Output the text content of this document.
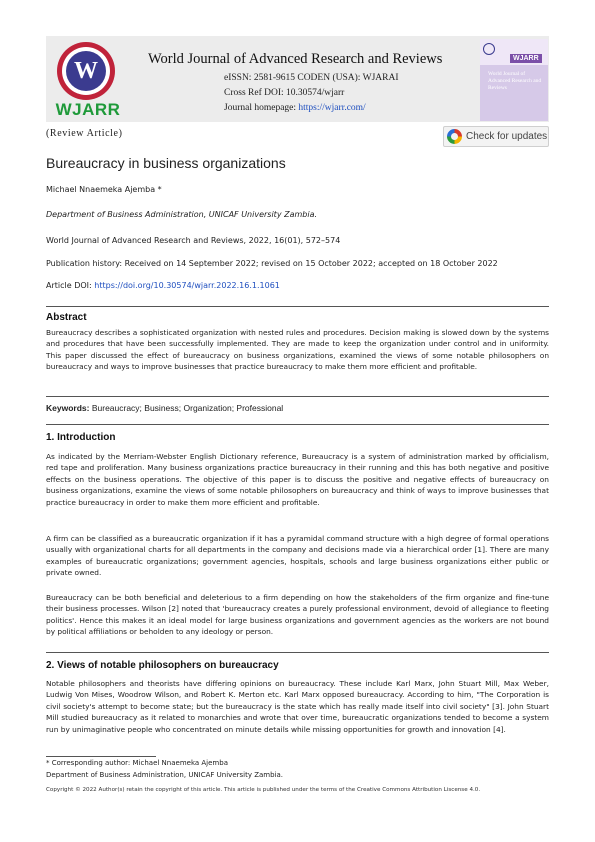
W
WJARR
World Journal of Advanced Research and Reviews
eISSN: 2581-9615 CODEN (USA): WJARAI
Cross Ref DOI: 10.30574/wjarr
Journal homepage: https://wjarr.com/
WJARR
World Journal of Advanced Research and Reviews
(Review Article)	Check for updates
Bureaucracy in business organizations
Michael Nnaemeka Ajemba *
Department of Business Administration, UNICAF University Zambia.
World Journal of Advanced Research and Reviews, 2022, 16(01), 572–574
Publication history: Received on 14 September 2022; revised on 15 October 2022; accepted on 18 October 2022
Article DOI: https://doi.org/10.30574/wjarr.2022.16.1.1061
Abstract

Bureaucracy describes a sophisticated organization with nested rules and procedures. Decision making is slowed down by the systems and procedures that have been successfully implemented. They are made to keep the organization under control and in uniformity. This paper discussed the effect of bureaucracy on business organizations, examined the views of some notable philosophers on bureaucracy and ways to improve businesses that practice bureaucracy to make them more efficient and profitable.

Keywords: Bureaucracy; Business; Organization; Professional
1. Introduction

As indicated by the Merriam-Webster English Dictionary reference, Bureaucracy is a system of administration marked by officialism, red tape and proliferation. Many business organizations practice bureaucracy in their running and this has both negative and positive effects on the business operations. The objective of this paper is to discuss the positive and negative effects of bureaucracy on business organizations, examine the views of some notable philosophers on bureaucracy and think of ways to improve businesses that practice bureaucracy in order to make them more efficient and profitable.

A firm can be classified as a bureaucratic organization if it has a pyramidal command structure with a high degree of formal operations usually with organizational charts for all departments in the company and decisions made via a hierarchical order [1]. There are many examples of bureaucratic organizations; government agencies, hospitals, schools and large business organizations either public or private owned.

Bureaucracy can be both beneficial and deleterious to a firm depending on how the stakeholders of the firm organize and fine-tune their business processes. Wilson [2] noted that 'bureaucracy creates a purely professional environment, devoid of allegiance to fleeting politics'. Hence this makes it an ideal model for large business organizations and government agencies as the workers are not bound by political affiliations or beholden to any ideology or person.

2. Views of notable philosophers on bureaucracy

Notable philosophers and theorists have differing opinions on bureaucracy. These include Karl Marx, John Stuart Mill, Max Weber, Ludwig Von Mises, Woodrow Wilson, and Robert K. Merton etc. Karl Marx opposed bureaucracy. According to him, "The Corporation is civil society's attempt to become state; but the bureaucracy is the state which has really made itself into civil society" [3]. John Stuart Mill studied bureaucracy as it related to monarchies and wrote that over time, bureaucratic organizations tended to become a system run by unimaginative people who concentrated on minute details while missing opportunities for growth and innovation [4].

* Corresponding author: Michael Nnaemeka Ajemba
Department of Business Administration, UNICAF University Zambia.
Copyright © 2022 Author(s) retain the copyright of this article. This article is published under the terms of the Creative Commons Attribution Liscense 4.0.
